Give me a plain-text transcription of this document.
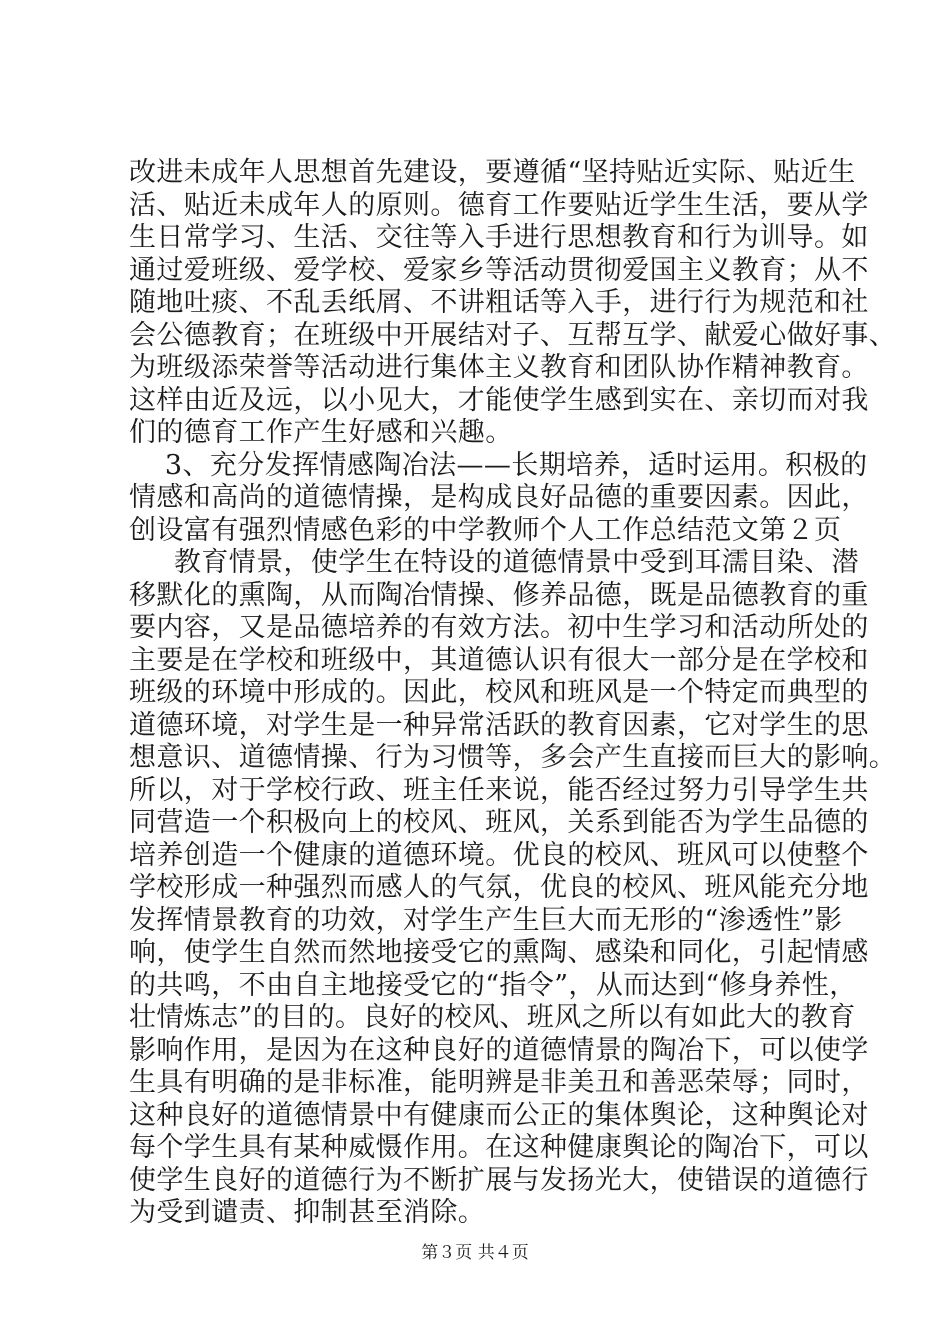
改进未成年人思想首先建设，要遵循“坚持贴近实际、贴近生
活、贴近未成年人的原则。德育工作要贴近学生生活，要从学
生日常学习、生活、交往等入手进行思想教育和行为训导。如
通过爱班级、爱学校、爱家乡等活动贯彻爱国主义教育；从不
随地吐痰、不乱丢纸屑、不讲粗话等入手，进行行为规范和社
会公德教育；在班级中开展结对子、互帮互学、献爱心做好事、
为班级添荣誉等活动进行集体主义教育和团队协作精神教育。
这样由近及远，以小见大，才能使学生感到实在、亲切而对我
们的德育工作产生好感和兴趣。
3、充分发挥情感陶冶法——长期培养，适时运用。积极的
情感和高尚的道德情操，是构成良好品德的重要因素。因此，
创设富有强烈情感色彩的中学教师个人工作总结范文第２页
教育情景，使学生在特设的道德情景中受到耳濡目染、潜
移默化的熏陶，从而陶冶情操、修养品德，既是品德教育的重
要内容，又是品德培养的有效方法。初中生学习和活动所处的
主要是在学校和班级中，其道德认识有很大一部分是在学校和
班级的环境中形成的。因此，校风和班风是一个特定而典型的
道德环境，对学生是一种异常活跃的教育因素，它对学生的思
想意识、道德情操、行为习惯等，多会产生直接而巨大的影响。
所以，对于学校行政、班主任来说，能否经过努力引导学生共
同营造一个积极向上的校风、班风，关系到能否为学生品德的
培养创造一个健康的道德环境。优良的校风、班风可以使整个
学校形成一种强烈而感人的气氛，优良的校风、班风能充分地
发挥情景教育的功效，对学生产生巨大而无形的“渗透性”影
响，使学生自然而然地接受它的熏陶、感染和同化，引起情感
的共鸣，不由自主地接受它的“指令”，从而达到“修身养性，
壮情炼志”的目的。良好的校风、班风之所以有如此大的教育
影响作用，是因为在这种良好的道德情景的陶冶下，可以使学
生具有明确的是非标准，能明辨是非美丑和善恶荣辱；同时，
这种良好的道德情景中有健康而公正的集体舆论，这种舆论对
每个学生具有某种威慑作用。在这种健康舆论的陶冶下，可以
使学生良好的道德行为不断扩展与发扬光大，使错误的道德行
为受到谴责、抑制甚至消除。
第３页 共４页
